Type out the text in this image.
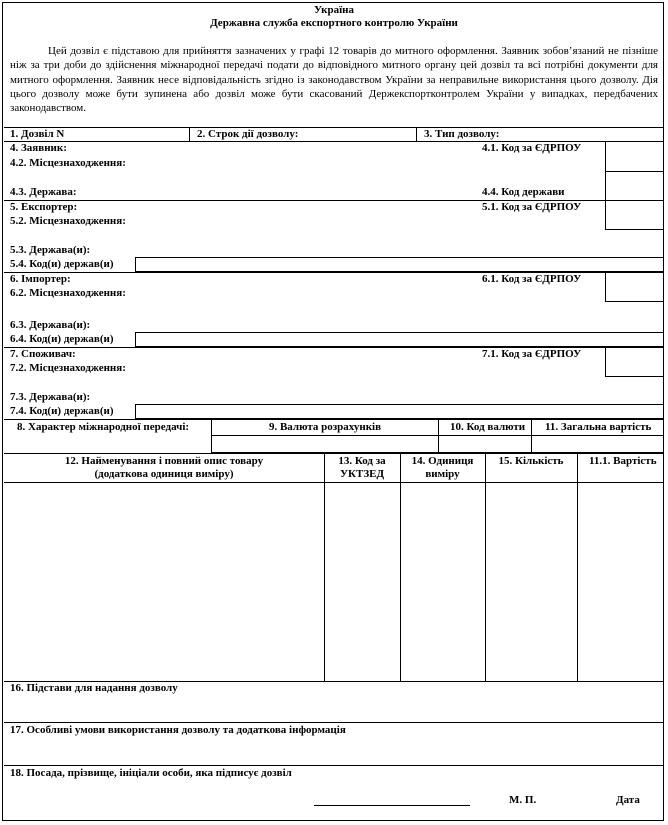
Україна
Державна служба експортного контролю України
Цей дозвіл є підставою для прийняття зазначених у графі 12 товарів до митного оформлення. Заявник зобов’язаний не пізніше ніж за три доби до здійснення міжнародної передачі подати до відповідного митного органу цей дозвіл та всі потрібні документи для митного оформлення. Заявник несе відповідальність згідно із законодавством України за неправильне використання цього дозволу. Дія цього дозволу може бути зупинена або дозвіл може бути скасований Держекспортконтролем України у випадках, передбачених законодавством.
1. Дозвіл N	2. Строк дії дозволу:	3. Тип дозволу:
4. Заявник:
4.2. Місцезнаходження:
4.3. Держава:
4.1. Код за ЄДРПОУ
4.4. Код держави
5. Експортер:
5.2. Місцезнаходження:
5.3. Держава(и):
5.4. Код(и) держав(и)
5.1. Код за ЄДРПОУ
6. Імпортер:
6.2. Місцезнаходження:
6.3. Держава(и):
6.4. Код(и) держав(и)
6.1. Код за ЄДРПОУ
7. Споживач:
7.2. Місцезнаходження:
7.3. Держава(и):
7.4. Код(и) держав(и)
7.1. Код за ЄДРПОУ
8. Характер міжнародної передачі:	9. Валюта розрахунків	10. Код валюти 11. Загальна вартість
12. Найменування і повний опис товару
(додаткова одиниця виміру)
13. Код за
УКТЗЕД
14. Одиниця
виміру
15. Кількість	11.1. Вартість
16. Підстави для надання дозволу
17. Особливі умови використання дозволу та додаткова інформація
18. Посада, прізвище, ініціали особи, яка підписує дозвіл
М. П.	Дата
